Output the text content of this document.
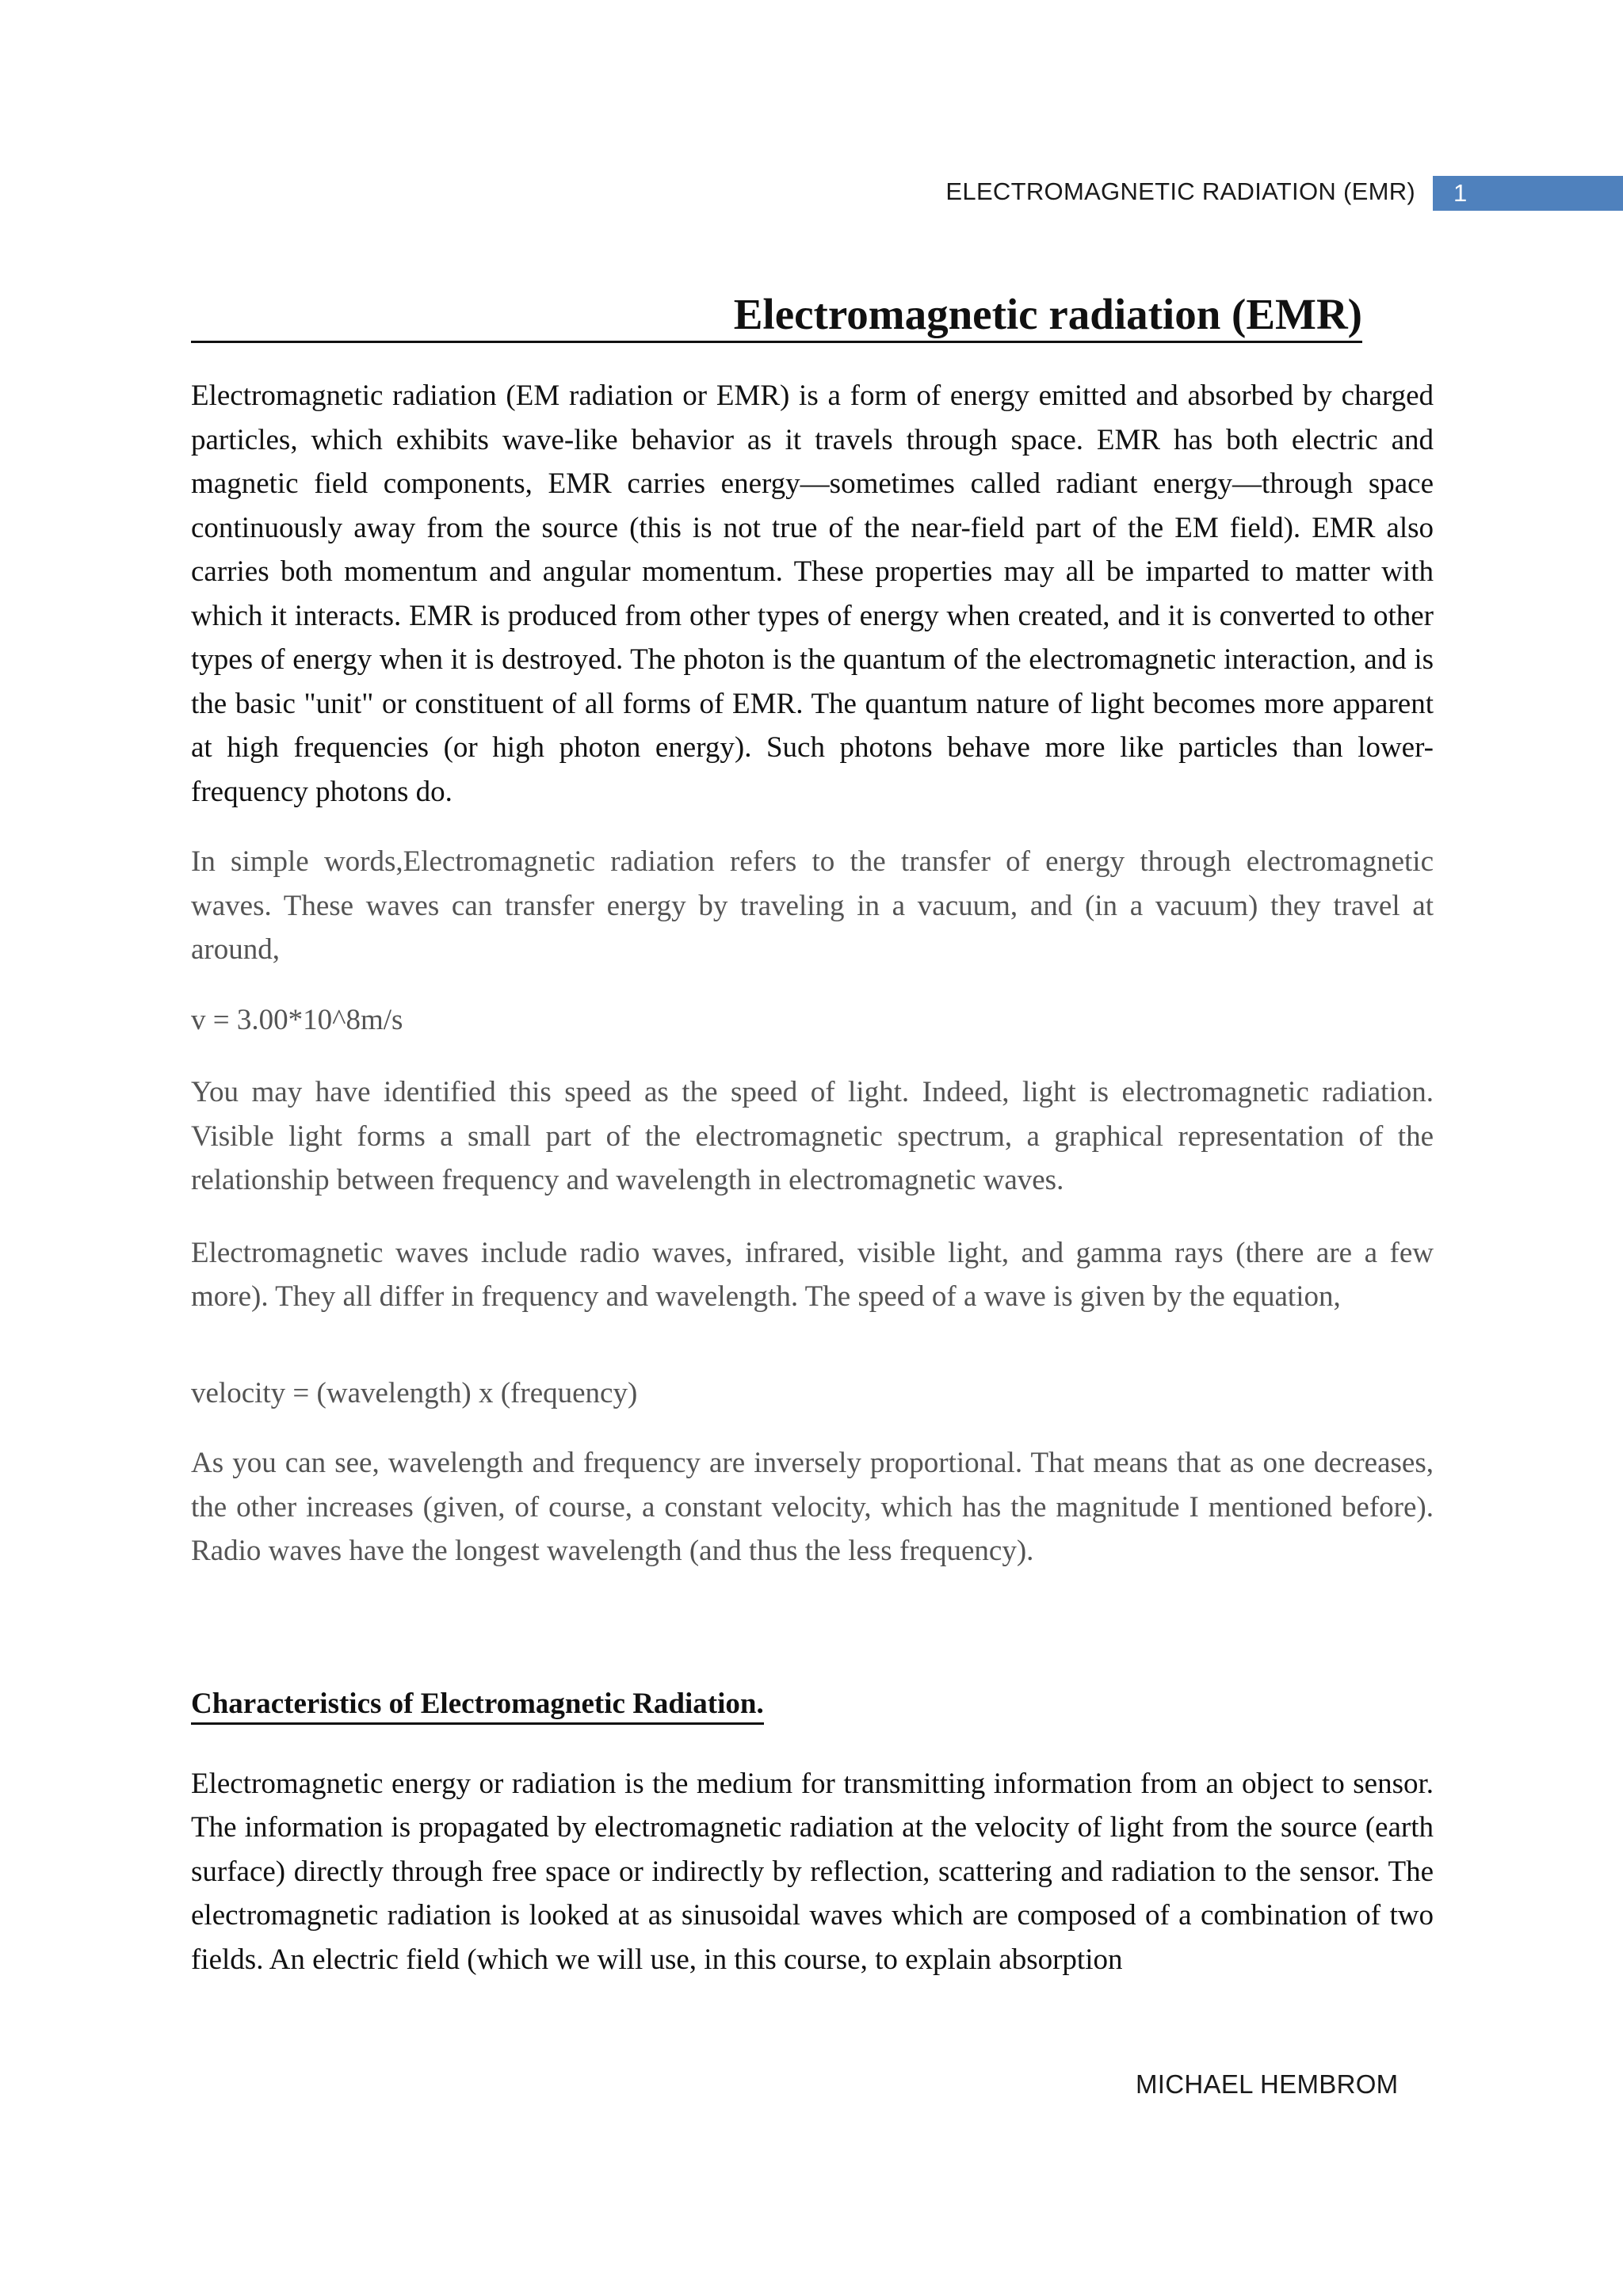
ELECTROMAGNETIC RADIATION (EMR) 1
Electromagnetic radiation (EMR)

Electromagnetic radiation (EM radiation or EMR) is a form of energy emitted and absorbed by charged particles, which exhibits wave-like behavior as it travels through space. EMR has both electric and magnetic field components, EMR carries energy—sometimes called radiant energy—through space continuously away from the source (this is not true of the near-field part of the EM field). EMR also carries both momentum and angular momentum. These properties may all be imparted to matter with which it interacts. EMR is produced from other types of energy when created, and it is converted to other types of energy when it is destroyed. The photon is the quantum of the electromagnetic interaction, and is the basic "unit" or constituent of all forms of EMR. The quantum nature of light becomes more apparent at high frequencies (or high photon energy). Such photons behave more like particles than lower-frequency photons do.

In simple words,Electromagnetic radiation refers to the transfer of energy through electromagnetic waves. These waves can transfer energy by traveling in a vacuum, and (in a vacuum) they travel at around,

v = 3.00*10^8m/s

You may have identified this speed as the speed of light. Indeed, light is electromagnetic radiation. Visible light forms a small part of the electromagnetic spectrum, a graphical representation of the relationship between frequency and wavelength in electromagnetic waves.

Electromagnetic waves include radio waves, infrared, visible light, and gamma rays (there are a few more). They all differ in frequency and wavelength. The speed of a wave is given by the equation,

velocity = (wavelength) x (frequency)

As you can see, wavelength and frequency are inversely proportional. That means that as one decreases, the other increases (given, of course, a constant velocity, which has the magnitude I mentioned before). Radio waves have the longest wavelength (and thus the less frequency).

Characteristics of Electromagnetic Radiation.

Electromagnetic energy or radiation is the medium for transmitting information from an object to sensor. The information is propagated by electromagnetic radiation at the velocity of light from the source (earth surface) directly through free space or indirectly by reflection, scattering and radiation to the sensor. The electromagnetic radiation is looked at as sinusoidal waves which are composed of a combination of two fields. An electric field (which we will use, in this course, to explain absorption

MICHAEL HEMBROM
